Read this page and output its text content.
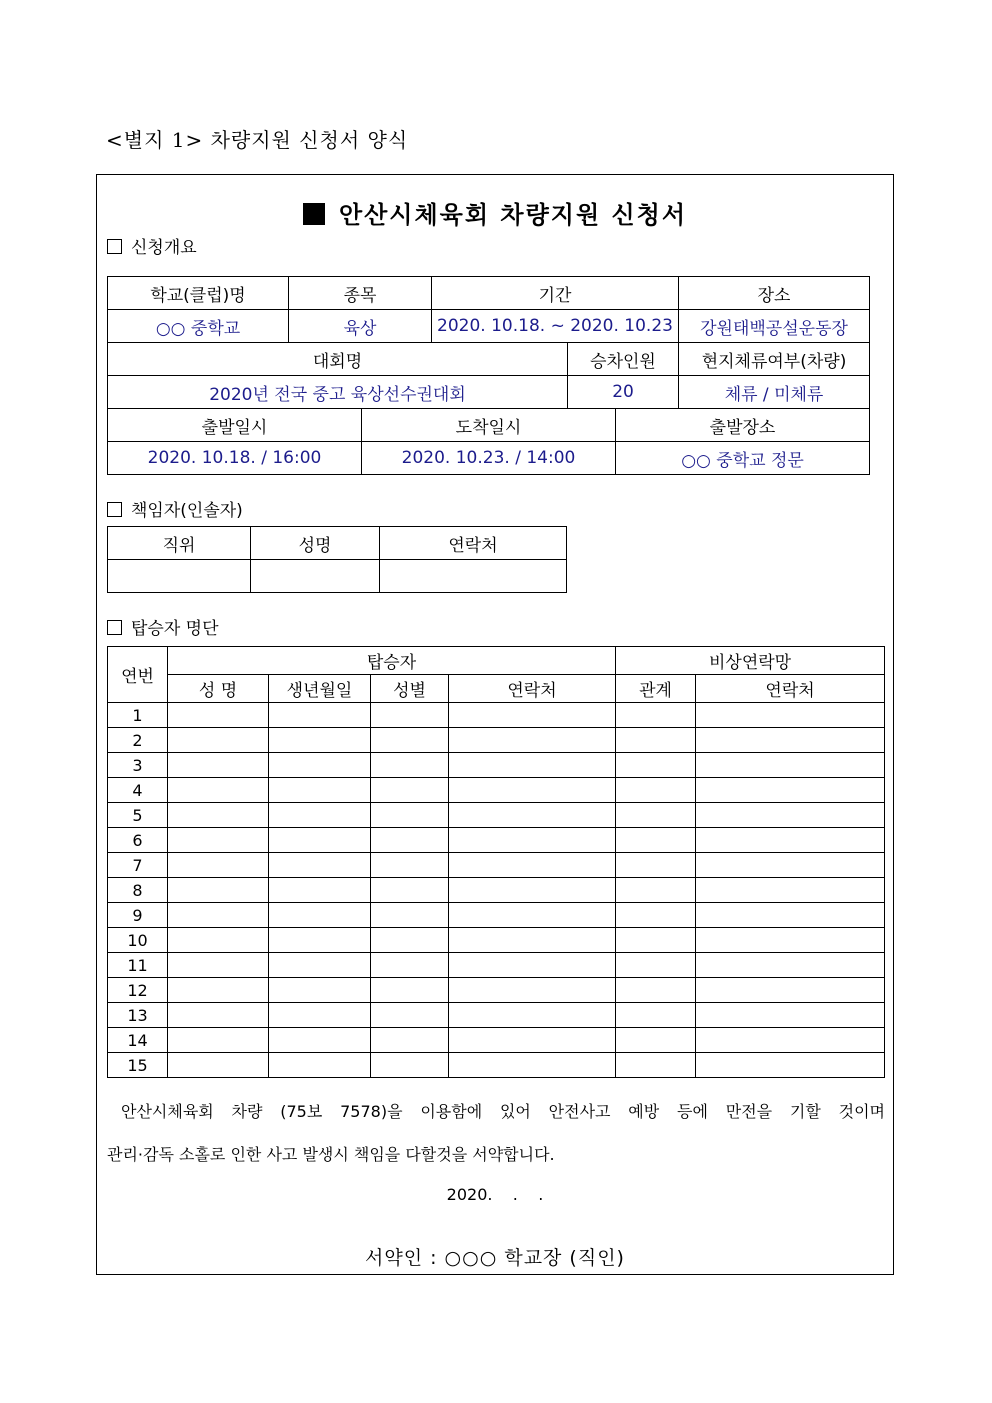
<별지 1> 차량지원 신청서 양식
안산시체육회 차량지원 신청서
신청개요
학교(클럽)명	종목	기간		장소
○○ 중학교	육상	2020. 10.18. ~ 2020. 10.23		강원태백공설운동장
대회명			승차인원	현지체류여부(차량)
2020년 전국 중고 육상선수권대회			20	체류 / 미체류
출발일시	도착일시	출발장소
2020. 10.18. / 16:00	2020. 10.23. / 14:00	○○ 중학교 정문
책임자(인솔자)
직위	성명	연락처

탑승자 명단
연번	탑승자				비상연락망	
	성 명	생년월일	성별	연락처	관계	연락처
1						
2						
3						
4						
5						
6						
7						
8						
9						
10						
11						
12						
13						
14						
15						
안산시체육회 차량 (75보 7578)을 이용함에 있어 안전사고 예방 등에 만전을 기할 것이며
관리·감독 소홀로 인한 사고 발생시 책임을 다할것을 서약합니다.
2020.    .    .
서약인 : ○○○ 학교장 (직인)
